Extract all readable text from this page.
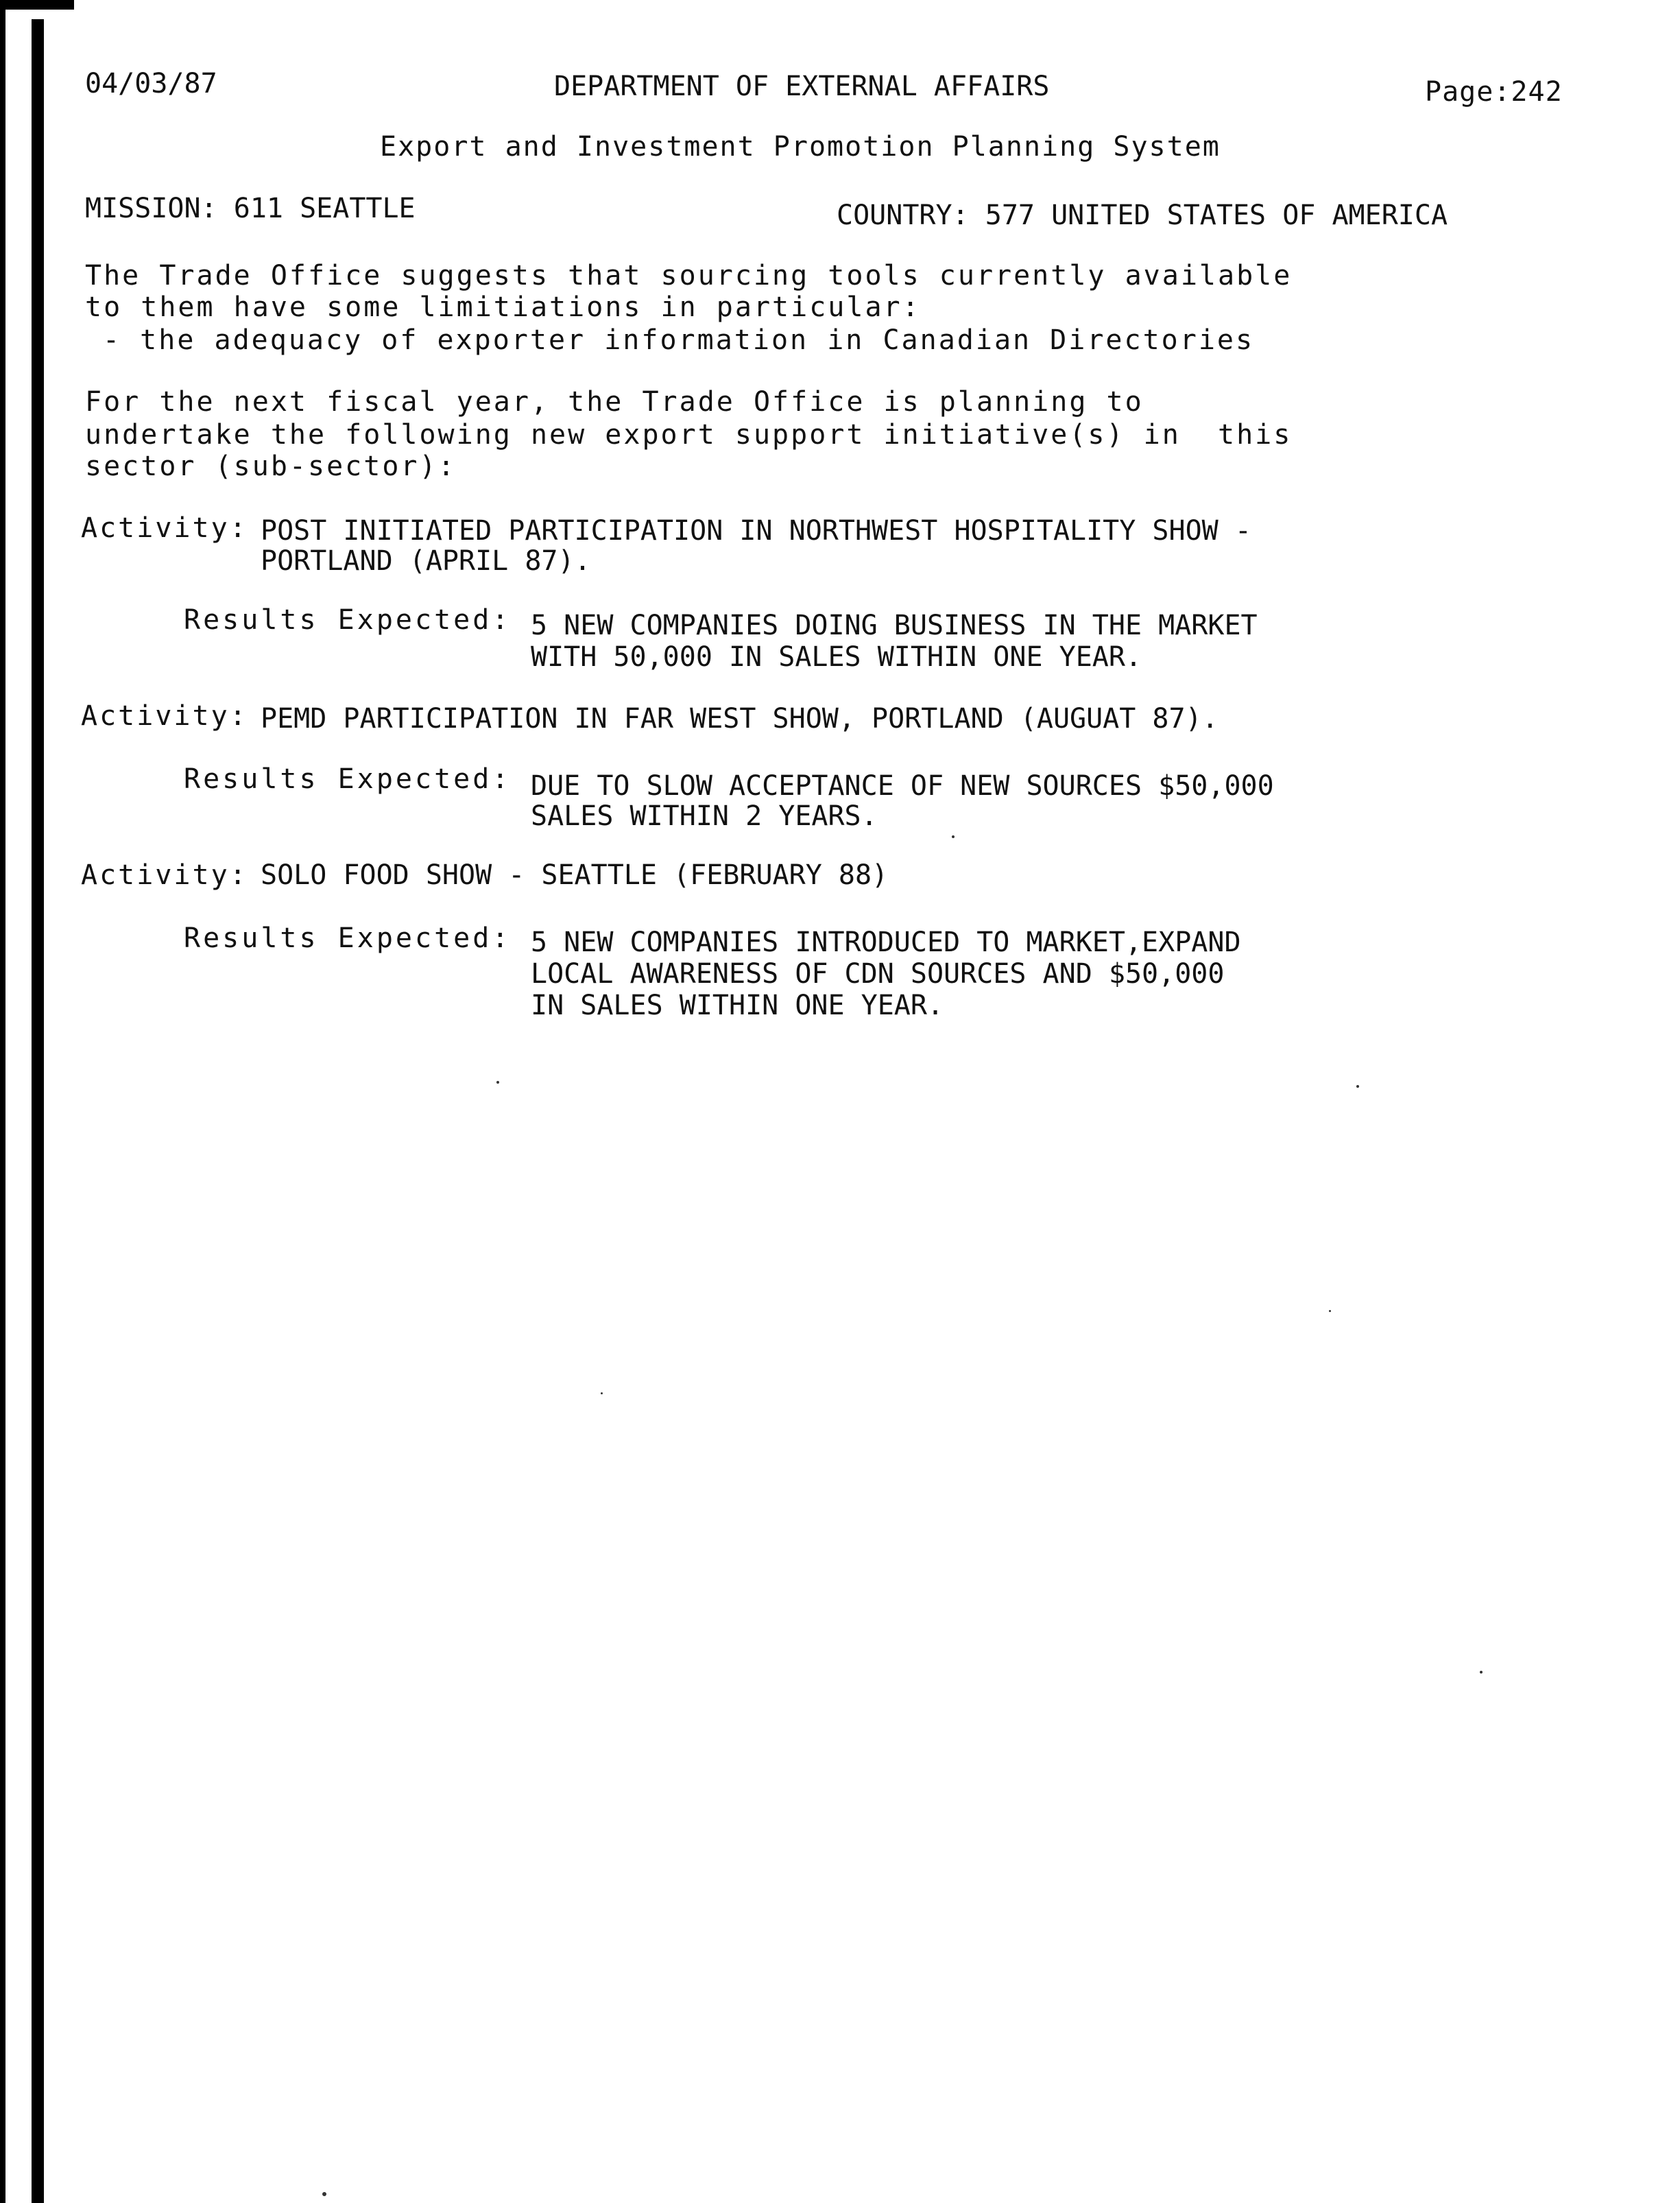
04/03/87	DEPARTMENT OF EXTERNAL AFFAIRS	Page:242
Export and Investment Promotion Planning System
MISSION: 611 SEATTLE	COUNTRY: 577 UNITED STATES OF AMERICA
The Trade Office suggests that sourcing tools currently available
to them have some limitiations in particular:
- the adequacy of exporter information in Canadian Directories
For the next fiscal year, the Trade Office is planning to
undertake the following new export support initiative(s) in  this
sector (sub-sector):
Activity: POST INITIATED PARTICIPATION IN NORTHWEST HOSPITALITY SHOW -
PORTLAND (APRIL 87).
Results Expected: 5 NEW COMPANIES DOING BUSINESS IN THE MARKET
WITH 50,000 IN SALES WITHIN ONE YEAR.
Activity: PEMD PARTICIPATION IN FAR WEST SHOW, PORTLAND (AUGUAT 87).
Results Expected: DUE TO SLOW ACCEPTANCE OF NEW SOURCES $50,000
SALES WITHIN 2 YEARS.
Activity: SOLO FOOD SHOW - SEATTLE (FEBRUARY 88)
Results Expected: 5 NEW COMPANIES INTRODUCED TO MARKET,EXPAND
LOCAL AWARENESS OF CDN SOURCES AND $50,000
IN SALES WITHIN ONE YEAR.
